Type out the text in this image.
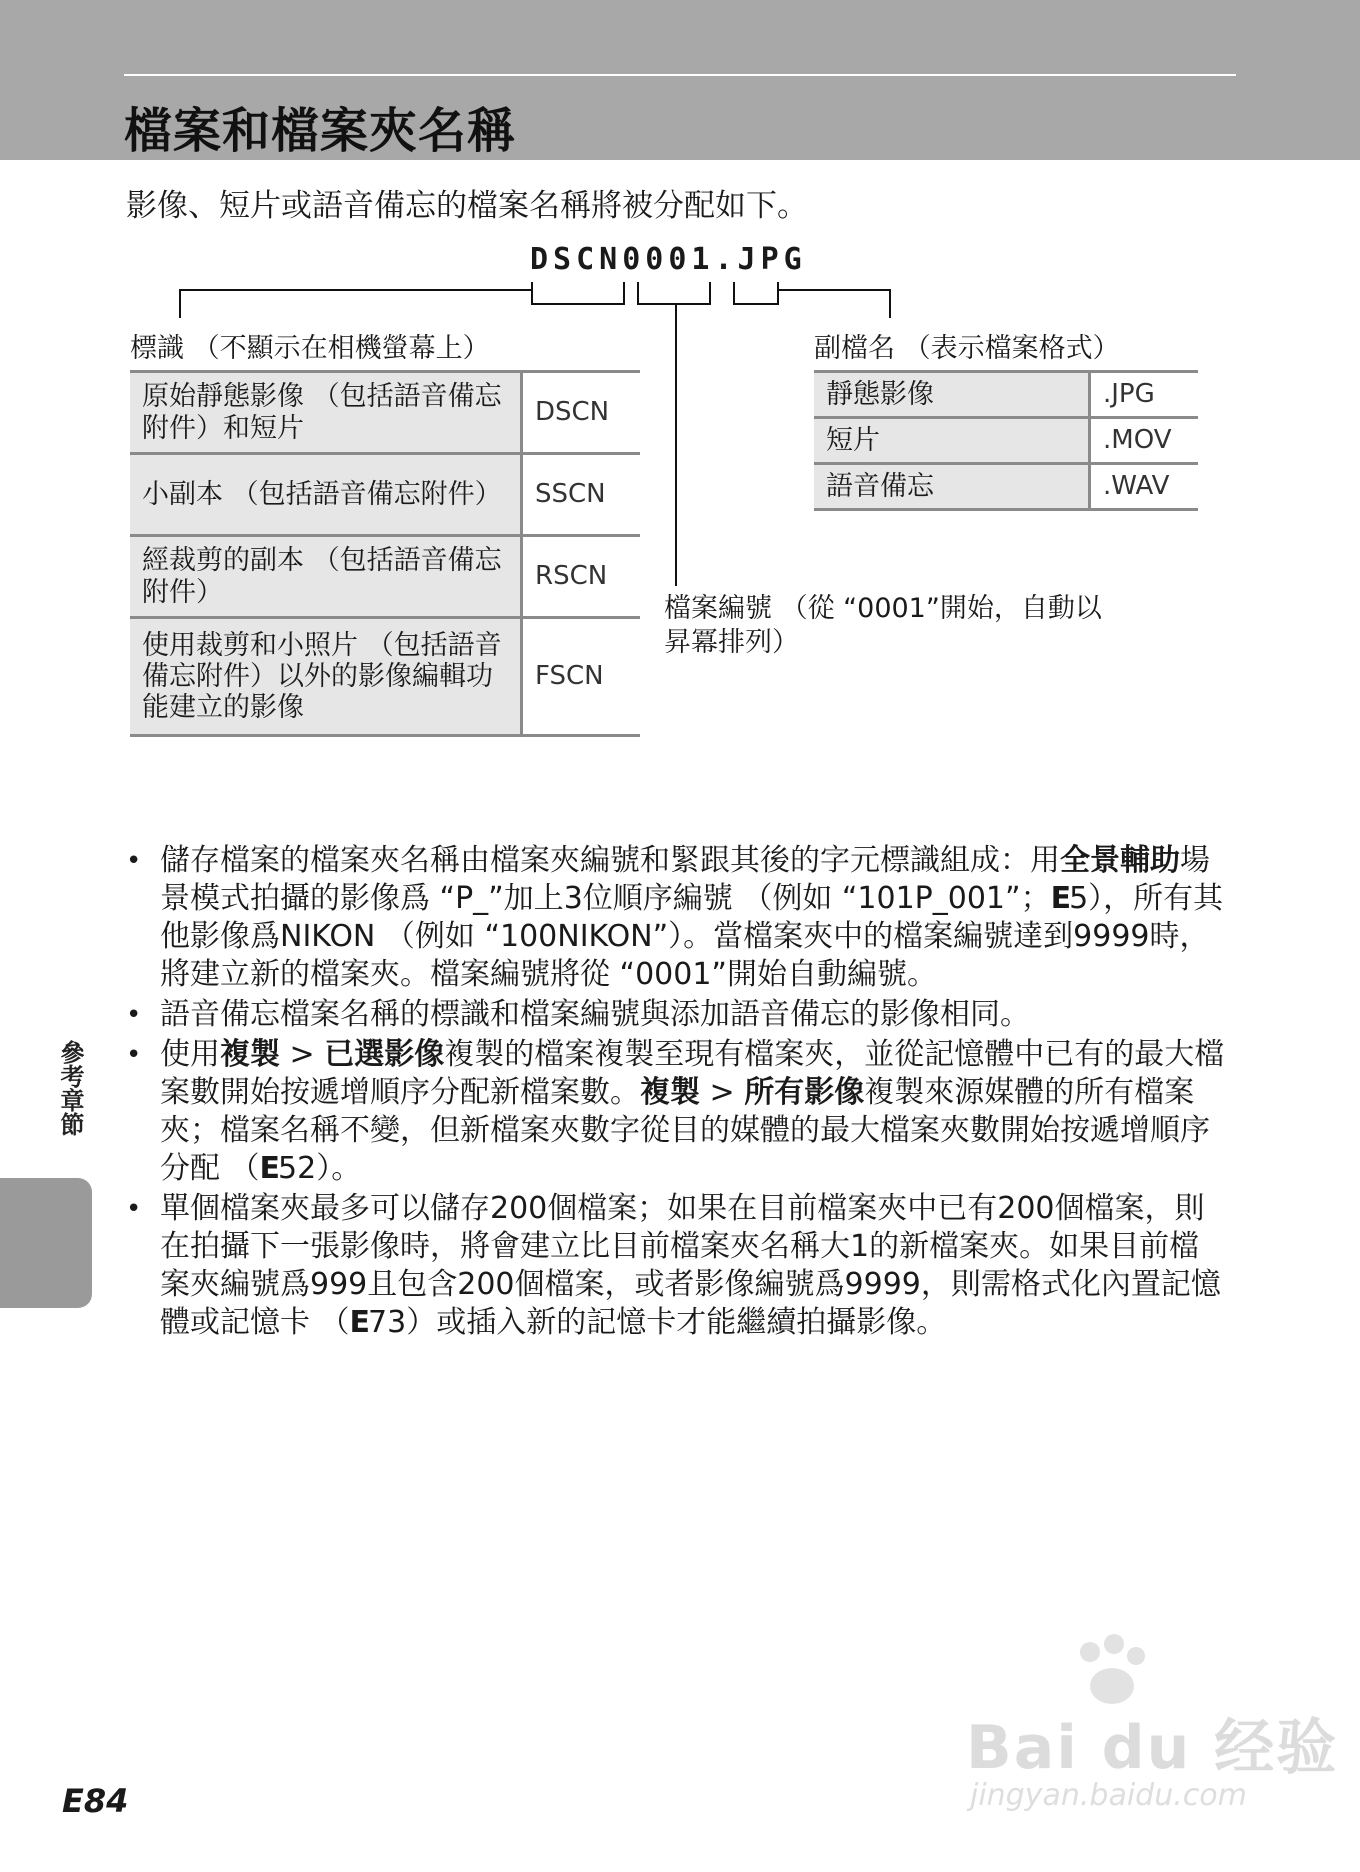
檔案和檔案夾名稱
影像、短片或語音備忘的檔案名稱將被分配如下。
DSCN0001.JPG
標識 （不顯示在相機螢幕上）	副檔名 （表示檔案格式）
原始靜態影像 （包括語音備忘附件）和短片	DSCN
小副本 （包括語音備忘附件）	SSCN
經裁剪的副本 （包括語音備忘附件）	RSCN
使用裁剪和小照片 （包括語音備忘附件）以外的影像編輯功能建立的影像	FSCN
靜態影像	.JPG
短片	.MOV
語音備忘	.WAV
檔案編號 （從 “0001”開始，自動以
昇冪排列）
• 儲存檔案的檔案夾名稱由檔案夾編號和緊跟其後的字元標識組成：用全景輔助場景模式拍攝的影像爲 “P_”加上3位順序編號 （例如 “101P_001”；E5），所有其他影像爲NIKON （例如 “100NIKON”）。當檔案夾中的檔案編號達到9999時，將建立新的檔案夾。檔案編號將從 “0001”開始自動編號。
• 語音備忘檔案名稱的標識和檔案編號與添加語音備忘的影像相同。
• 使用複製 > 已選影像複製的檔案複製至現有檔案夾，並從記憶體中已有的最大檔案數開始按遞增順序分配新檔案數。複製 > 所有影像複製來源媒體的所有檔案夾；檔案名稱不變，但新檔案夾數字從目的媒體的最大檔案夾數開始按遞增順序分配 （E52）。
• 單個檔案夾最多可以儲存200個檔案；如果在目前檔案夾中已有200個檔案，則在拍攝下一張影像時，將會建立比目前檔案夾名稱大1的新檔案夾。如果目前檔案夾編號爲999且包含200個檔案，或者影像編號爲9999，則需格式化內置記憶體或記憶卡 （E73）或插入新的記憶卡才能繼續拍攝影像。
參考章節
E84
Bai du 经验
jingyan.baidu.com
